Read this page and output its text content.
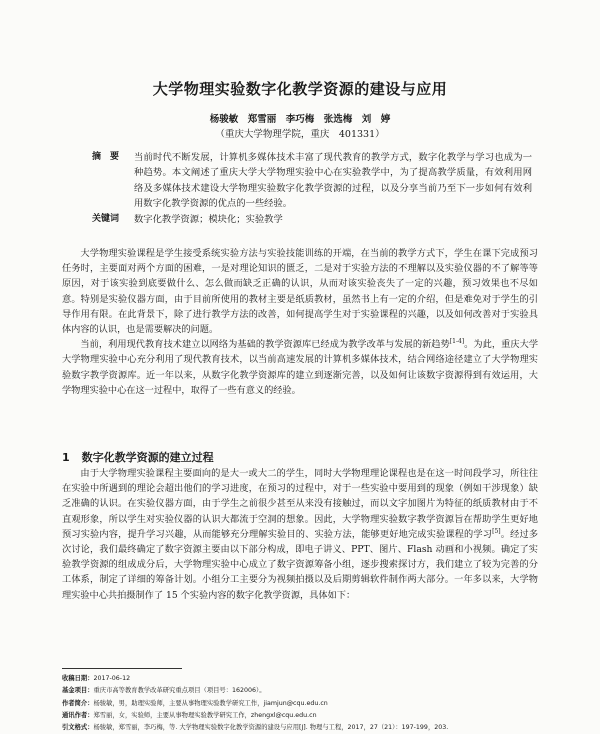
大学物理实验数字化教学资源的建设与应用
杨骏敏　郑雪丽　李巧梅　张选梅　刘　婷
（重庆大学物理学院，重庆　401331）
摘　要	当前时代不断发展，计算机多媒体技术丰富了现代教育的教学方式，数字化教学与学习也成为一种趋势。本文阐述了重庆大学大学物理实验中心在实验教学中，为了提高教学质量，有效利用网络及多媒体技术建设大学物理实验数字化教学资源的过程，以及分享当前乃至下一步如何有效利用数字化教学资源的优点的一些经验。
关键词	数字化教学资源；模块化；实验教学

大学物理实验课程是学生接受系统实验方法与实验技能训练的开端，在当前的教学方式下，学生在课下完成预习任务时，主要面对两个方面的困难，一是对理论知识的匮乏，二是对于实验方法的不理解以及实验仪器的不了解等等原因，对于该实验到底要做什么、怎么做而缺乏正确的认识，从而对该实验丧失了一定的兴趣，预习效果也不尽如意。特别是实验仪器方面，由于目前所使用的教材主要是纸质教材，虽然书上有一定的介绍，但是难免对于学生的引导作用有限。在此背景下，除了进行教学方法的改善，如何提高学生对于实验课程的兴趣，以及如何改善对于实验具体内容的认识，也是需要解决的问题。

当前，利用现代教育技术建立以网络为基础的教学资源库已经成为教学改革与发展的新趋势[1-4]。为此，重庆大学大学物理实验中心充分利用了现代教育技术，以当前高速发展的计算机多媒体技术，结合网络途径建立了大学物理实验数字教学资源库。近一年以来，从数字化教学资源库的建立到逐渐完善，以及如何让该数字资源得到有效运用，大学物理实验中心在这一过程中，取得了一些有意义的经验。

1 数字化教学资源的建立过程

由于大学物理实验课程主要面向的是大一或大二的学生，同时大学物理理论课程也是在这一时间段学习，所往往在实验中所遇到的理论会超出他们的学习进度，在预习的过程中，对于一些实验中要用到的现象（例如干涉现象）缺乏准确的认识。在实验仪器方面，由于学生之前很少甚至从来没有接触过，而以文字加图片为特征的纸质教材由于不直观形象，所以学生对实验仪器的认识大都流于空洞的想象。因此，大学物理实验数字教学资源旨在帮助学生更好地预习实验内容，提升学习兴趣，从而能够充分理解实验目的、实验方法，能够更好地完成实验课程的学习[5]。经过多次讨论，我们最终确定了数字资源主要由以下部分构成，即电子讲义、PPT、图片、Flash 动画和小视频。确定了实验教学资源的组成成分后，大学物理实验中心成立了数字资源筹备小组，逐步搜索探讨方，我们建立了较为完善的分工体系，制定了详细的筹备计划。小组分工主要分为视频拍摄以及后期剪辑软件制作两大部分。一年多以来，大学物理实验中心共拍摄制作了 15 个实验内容的数字化教学资源，具体如下：

收稿日期：2017-06-12
基金项目：重庆市高等教育教学改革研究重点项目（项目号：162006）。
作者简介：杨骏敏，男，助理实验师，主要从事物理实验教学研究工作，jiamjun@cqu.edu.cn
通讯作者：郑雪丽，女，实验师，主要从事物理实验教学研究工作，zhengxl@cqu.edu.cn
引文格式：杨骏敏，郑雪丽，李巧梅，等. 大学物理实验数字化教学资源的建设与应用[J]. 物理与工程，2017，27（21）：197-199，203.
